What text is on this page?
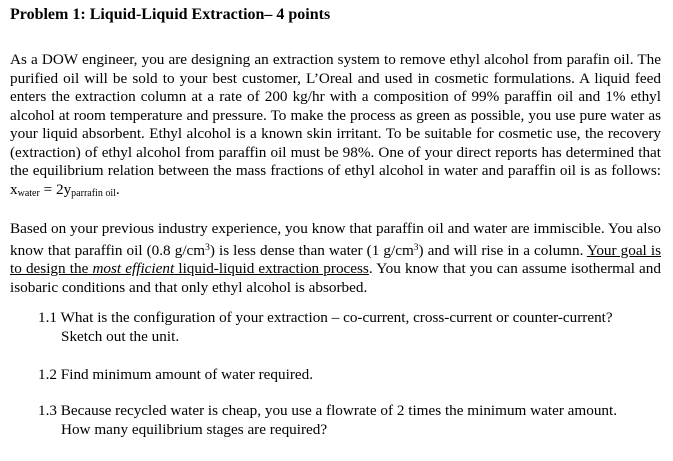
Problem 1: Liquid-Liquid Extraction– 4 points
As a DOW engineer, you are designing an extraction system to remove ethyl alcohol from parafin oil. The purified oil will be sold to your best customer, L’Oreal and used in cosmetic formulations. A liquid feed enters the extraction column at a rate of 200 kg/hr with a composition of 99% paraffin oil and 1% ethyl alcohol at room temperature and pressure. To make the process as green as possible, you use pure water as your liquid absorbent. Ethyl alcohol is a known skin irritant. To be suitable for cosmetic use, the recovery (extraction) of ethyl alcohol from paraffin oil must be 98%. One of your direct reports has determined that the equilibrium relation between the mass fractions of ethyl alcohol in water and paraffin oil is as follows: $x_{water} = 2y_{parrafin oil}$.
Based on your previous industry experience, you know that paraffin oil and water are immiscible. You also know that paraffin oil (0.8 $g/cm^3$) is less dense than water (1 $g/cm^3$) and will rise in a column. Your goal is to design the most efficient liquid-liquid extraction process. You know that you can assume isothermal and isobaric conditions and that only ethyl alcohol is absorbed.
1.1 What is the configuration of your extraction – co-current, cross-current or counter-current?
Sketch out the unit.
1.2 Find minimum amount of water required.
1.3 Because recycled water is cheap, you use a flowrate of 2 times the minimum water amount.
How many equilibrium stages are required?
